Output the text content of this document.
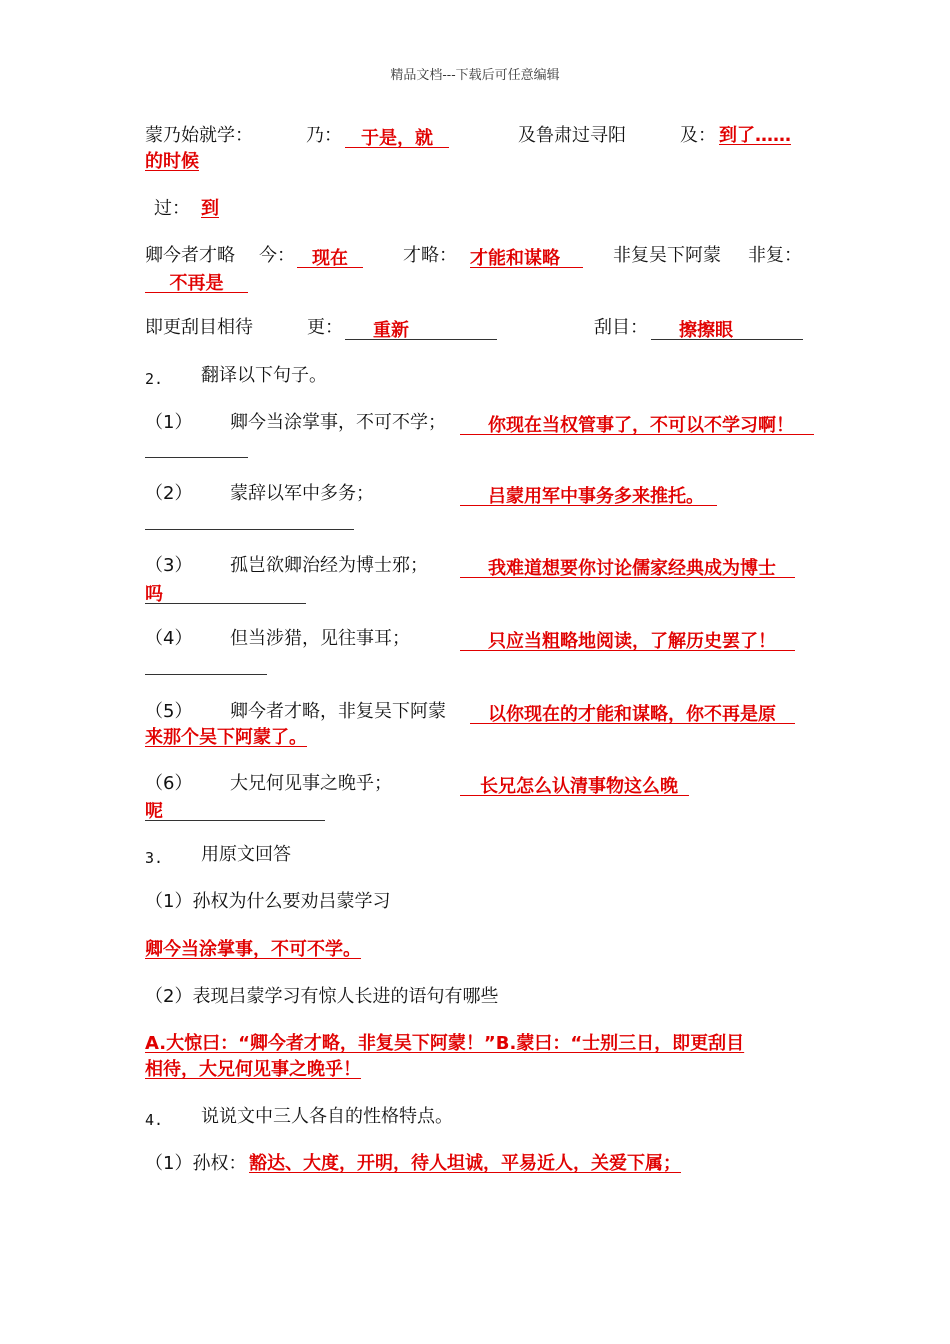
精品文档---下载后可任意编辑
蒙乃始就学：	乃：	于是，就	及鲁肃过寻阳	及： 到了……
的时候
过： 到
卿今者才略 今： 现在	才略： 才能和谋略	非复吴下阿蒙 非复：
不再是
即更刮目相待	更：	重新	刮目：	擦擦眼
2. 翻译以下句子。
（1） 卿今当涂掌事，不可不学；	你现在当权管事了，不可以不学习啊！
（2） 蒙辞以军中多务；	吕蒙用军中事务多来推托。
（3） 孤岂欲卿治经为博士邪；	我难道想要你讨论儒家经典成为博士
吗
（4） 但当涉猎，见往事耳；	只应当粗略地阅读，了解历史罢了！
（5） 卿今者才略，非复吴下阿蒙	以你现在的才能和谋略，你不再是原
来那个吴下阿蒙了。
（6） 大兄何见事之晚乎；	长兄怎么认清事物这么晚
呢
3. 用原文回答
（1）孙权为什么要劝吕蒙学习
卿今当涂掌事，不可不学。
（2）表现吕蒙学习有惊人长进的语句有哪些
A.大惊曰：“卿今者才略，非复吴下阿蒙！”B.蒙曰：“士别三日，即更刮目
相待，大兄何见事之晚乎！
4. 说说文中三人各自的性格特点。
（1）孙权： 豁达、大度，开明，待人坦诚，平易近人，关爱下属；
